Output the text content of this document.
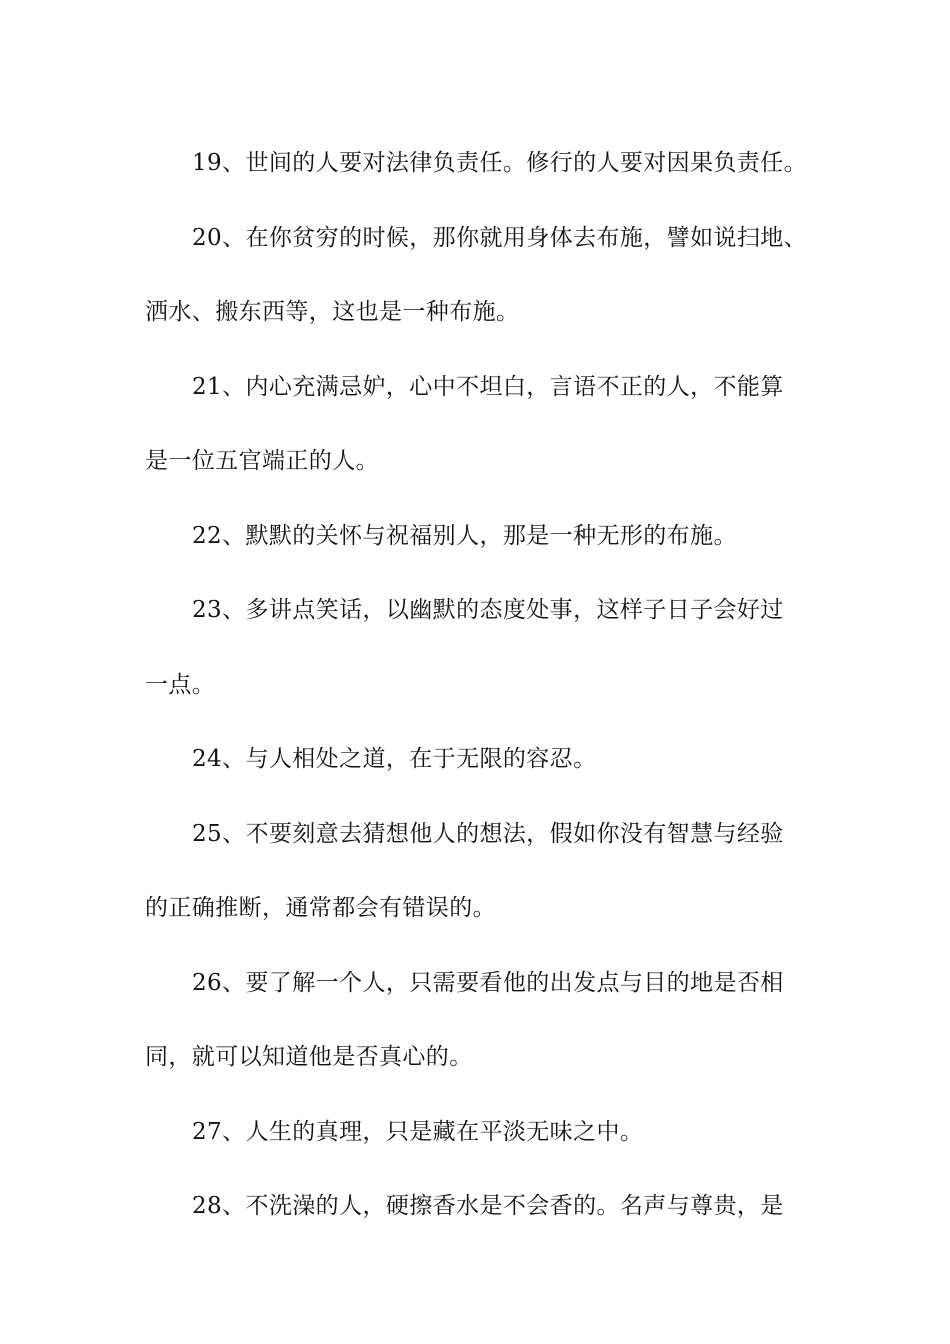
19、世间的人要对法律负责任。修行的人要对因果负责任。
20、在你贫穷的时候，那你就用身体去布施，譬如说扫地、
洒水、搬东西等，这也是一种布施。
21、内心充满忌妒，心中不坦白，言语不正的人，不能算
是一位五官端正的人。
22、默默的关怀与祝福别人，那是一种无形的布施。
23、多讲点笑话，以幽默的态度处事，这样子日子会好过
一点。
24、与人相处之道，在于无限的容忍。
25、不要刻意去猜想他人的想法，假如你没有智慧与经验
的正确推断，通常都会有错误的。
26、要了解一个人，只需要看他的出发点与目的地是否相
同，就可以知道他是否真心的。
27、人生的真理，只是藏在平淡无味之中。
28、不洗澡的人，硬擦香水是不会香的。名声与尊贵，是
